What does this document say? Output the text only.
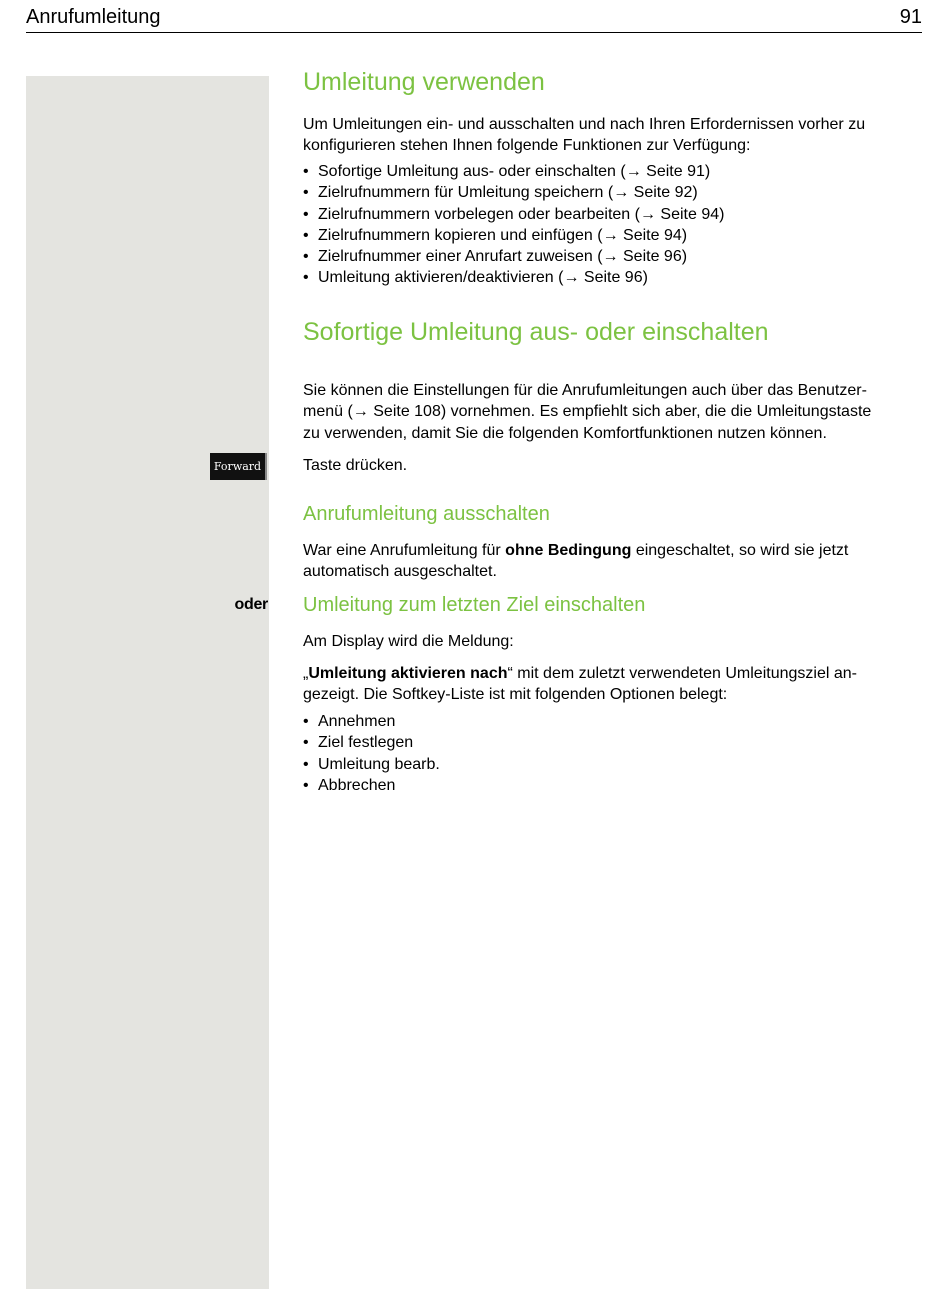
Anrufumleitung	91
Forward
oder
Umleitung verwenden
Um Umleitungen ein- und ausschalten und nach Ihren Erfordernissen vorher zu konfigurieren stehen Ihnen folgende Funktionen zur Verfügung:
• Sofortige Umleitung aus- oder einschalten (→ Seite 91)
• Zielrufnummern für Umleitung speichern (→ Seite 92)
• Zielrufnummern vorbelegen oder bearbeiten (→ Seite 94)
• Zielrufnummern kopieren und einfügen (→ Seite 94)
• Zielrufnummer einer Anrufart zuweisen (→ Seite 96)
• Umleitung aktivieren/deaktivieren (→ Seite 96)
Sofortige Umleitung aus- oder einschalten
Sie können die Einstellungen für die Anrufumleitungen auch über das Benutzer-
menü (→ Seite 108) vornehmen. Es empfiehlt sich aber, die die Umleitungstaste
zu verwenden, damit Sie die folgenden Komfortfunktionen nutzen können.
Taste drücken.
Anrufumleitung ausschalten
War eine Anrufumleitung für ohne Bedingung eingeschaltet, so wird sie jetzt automatisch ausgeschaltet.
Umleitung zum letzten Ziel einschalten
Am Display wird die Meldung:
„Umleitung aktivieren nach“ mit dem zuletzt verwendeten Umleitungsziel an-
gezeigt. Die Softkey-Liste ist mit folgenden Optionen belegt:
• Annehmen
• Ziel festlegen
• Umleitung bearb.
• Abbrechen
